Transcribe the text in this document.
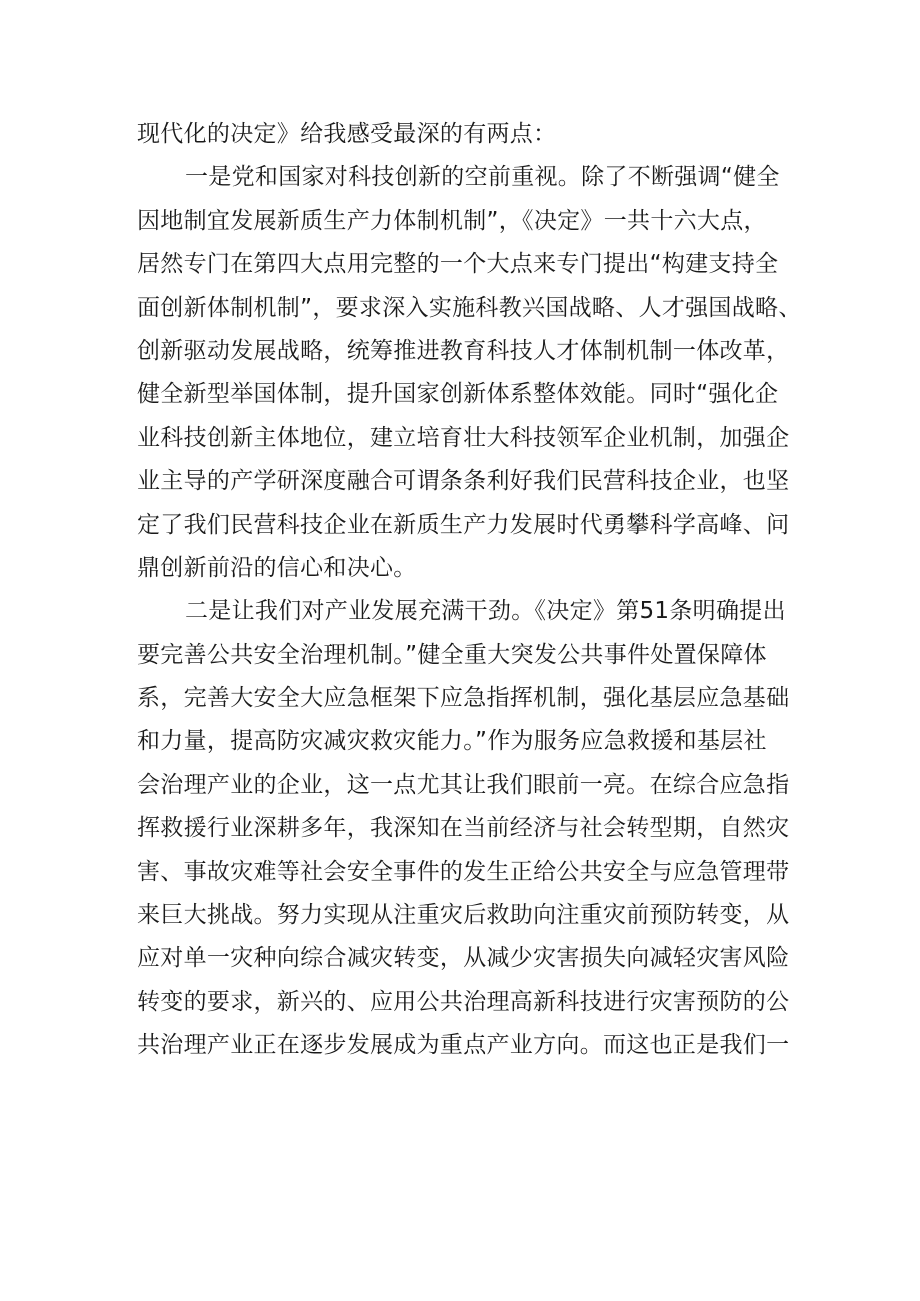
现代化的决定》给我感受最深的有两点：
一是党和国家对科技创新的空前重视。除了不断强调“健全
因地制宜发展新质生产力体制机制”，《决定》一共十六大点，
居然专门在第四大点用完整的一个大点来专门提出“构建支持全
面创新体制机制”，要求深入实施科教兴国战略、人才强国战略、
创新驱动发展战略，统筹推进教育科技人才体制机制一体改革，
健全新型举国体制，提升国家创新体系整体效能。同时“强化企
业科技创新主体地位，建立培育壮大科技领军企业机制，加强企
业主导的产学研深度融合可谓条条利好我们民营科技企业，也坚
定了我们民营科技企业在新质生产力发展时代勇攀科学高峰、问
鼎创新前沿的信心和决心。
二是让我们对产业发展充满干劲。《决定》第51条明确提出
要完善公共安全治理机制。”健全重大突发公共事件处置保障体
系，完善大安全大应急框架下应急指挥机制，强化基层应急基础
和力量，提高防灾减灾救灾能力。”作为服务应急救援和基层社
会治理产业的企业，这一点尤其让我们眼前一亮。在综合应急指
挥救援行业深耕多年，我深知在当前经济与社会转型期，自然灾
害、事故灾难等社会安全事件的发生正给公共安全与应急管理带
来巨大挑战。努力实现从注重灾后救助向注重灾前预防转变，从
应对单一灾种向综合减灾转变，从减少灾害损失向减轻灾害风险
转变的要求，新兴的、应用公共治理高新科技进行灾害预防的公
共治理产业正在逐步发展成为重点产业方向。而这也正是我们一
